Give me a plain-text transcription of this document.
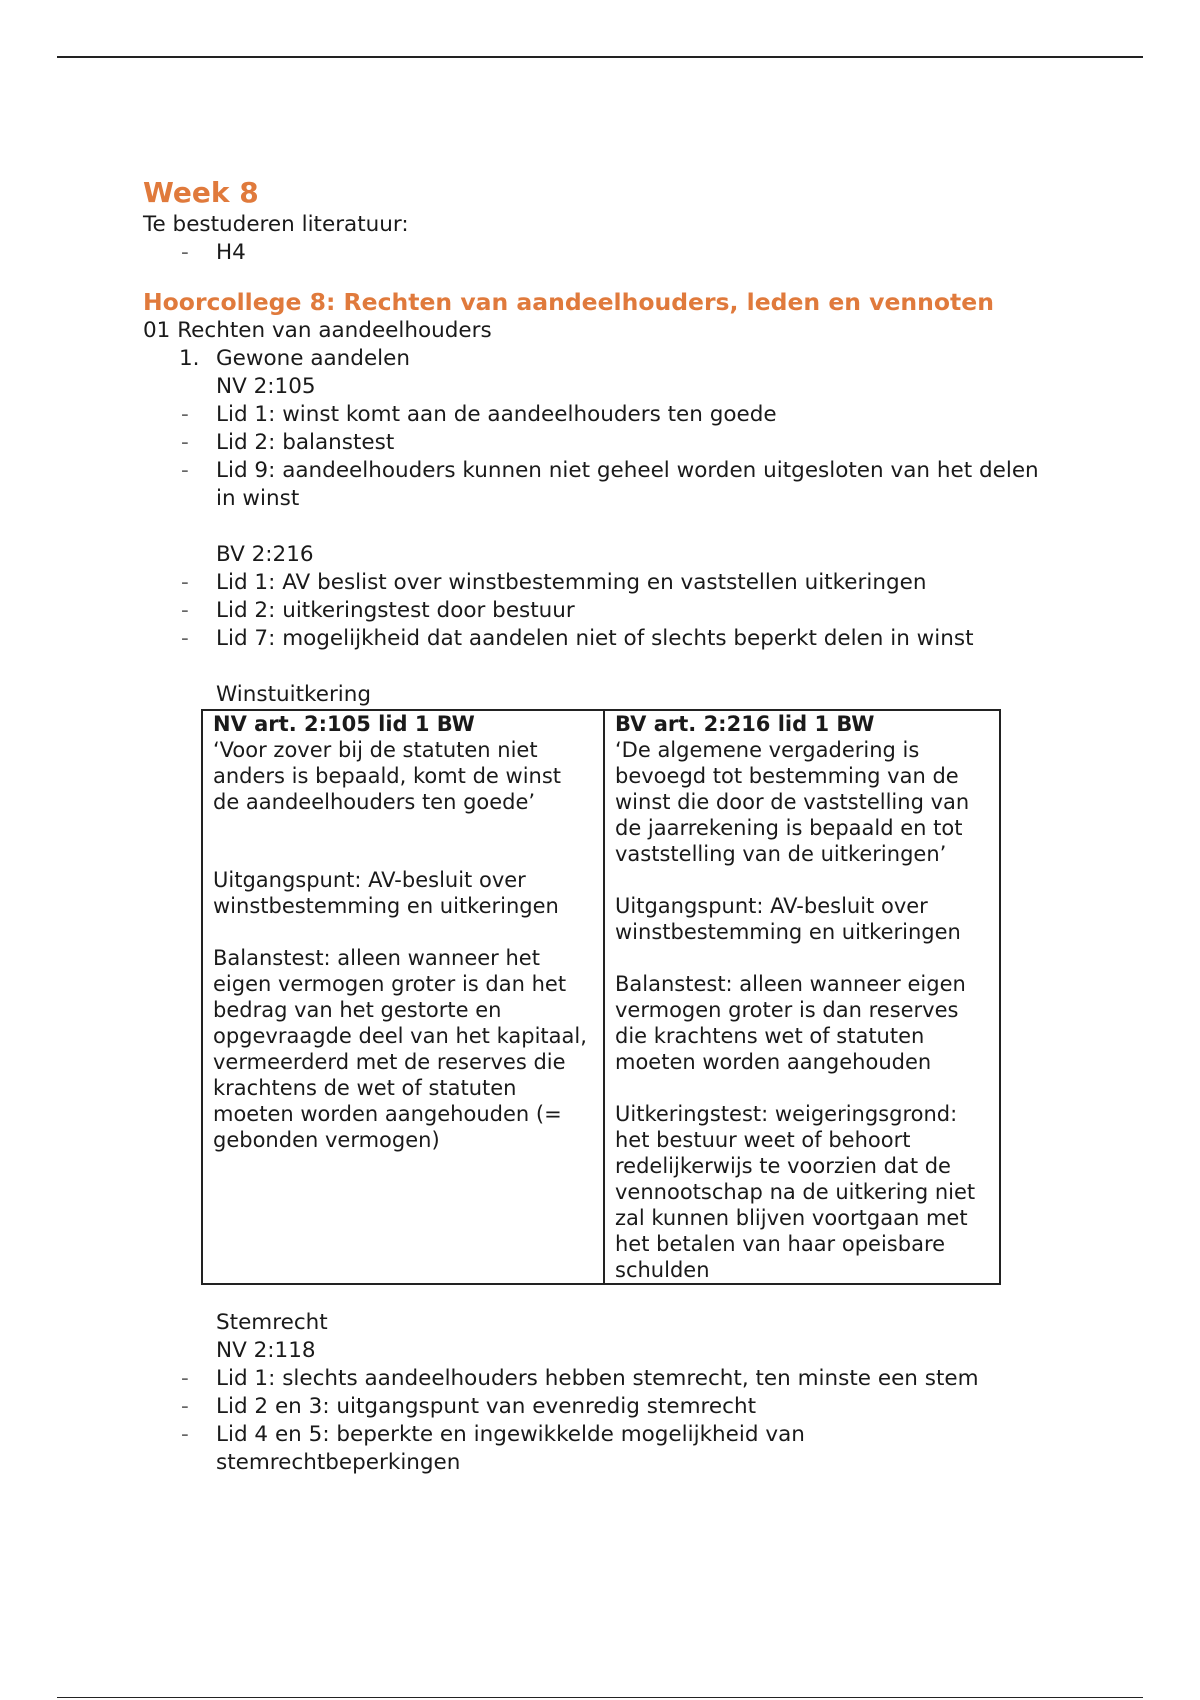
Week 8

Te bestuderen literatuur:

- H4
Hoorcollege 8: Rechten van aandeelhouders, leden en vennoten

01 Rechten van aandeelhouders

1. Gewone aandelen

NV 2:105

- Lid 1: winst komt aan de aandeelhouders ten goede
- Lid 2: balanstest
- Lid 9: aandeelhouders kunnen niet geheel worden uitgesloten van het delen in winst

BV 2:216

- Lid 1: AV beslist over winstbestemming en vaststellen uitkeringen
- Lid 2: uitkeringstest door bestuur
- Lid 7: mogelijkheid dat aandelen niet of slechts beperkt delen in winst

Winstuitkering

NV art. 2:105 lid 1 BW
‘Voor zover bij de statuten niet anders is bepaald, komt de winst de aandeelhouders ten goede’
Uitgangspunt: AV-besluit over winstbestemming en uitkeringen
Balanstest: alleen wanneer het eigen vermogen groter is dan het bedrag van het gestorte en opgevraagde deel van het kapitaal, vermeerderd met de reserves die krachtens de wet of statuten moeten worden aangehouden (= gebonden vermogen)

BV art. 2:216 lid 1 BW
‘De algemene vergadering is bevoegd tot bestemming van de winst die door de vaststelling van de jaarrekening is bepaald en tot vaststelling van de uitkeringen’
Uitgangspunt: AV-besluit over winstbestemming en uitkeringen
Balanstest: alleen wanneer eigen vermogen groter is dan reserves die krachtens wet of statuten moeten worden aangehouden
Uitkeringstest: weigeringsgrond: het bestuur weet of behoort redelijkerwijs te voorzien dat de vennootschap na de uitkering niet zal kunnen blijven voortgaan met het betalen van haar opeisbare schulden

Stemrecht

NV 2:118

- Lid 1: slechts aandeelhouders hebben stemrecht, ten minste een stem
- Lid 2 en 3: uitgangspunt van evenredig stemrecht
- Lid 4 en 5: beperkte en ingewikkelde mogelijkheid van stemrechtbeperkingen
